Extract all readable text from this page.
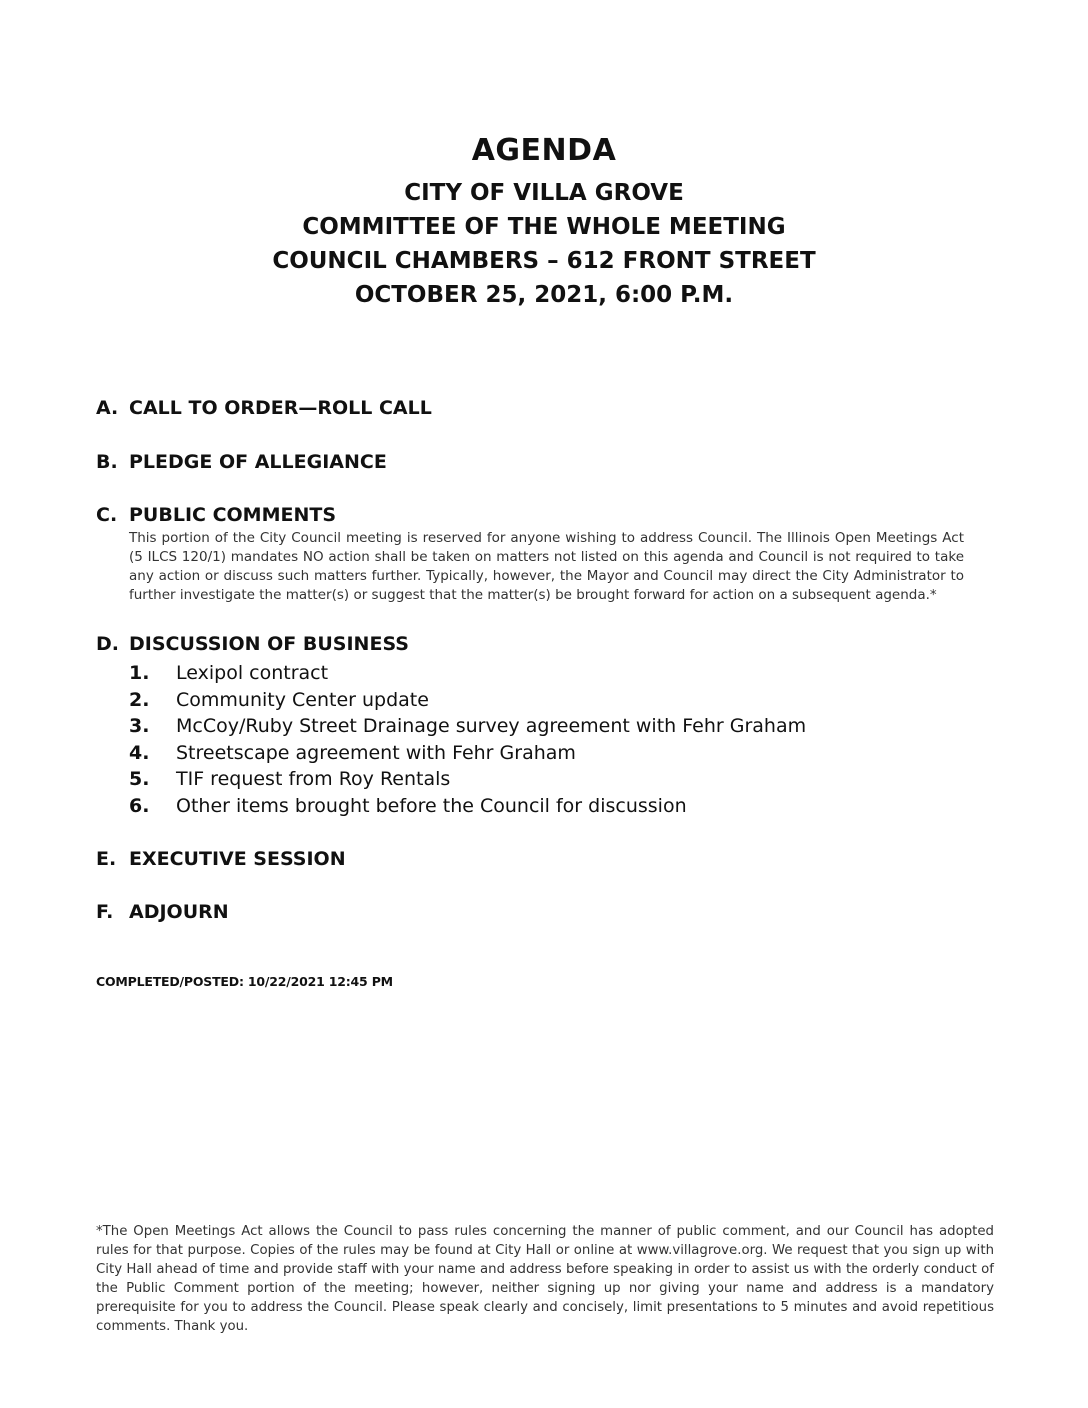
AGENDA
CITY OF VILLA GROVE
COMMITTEE OF THE WHOLE MEETING
COUNCIL CHAMBERS – 612 FRONT STREET
OCTOBER 25, 2021, 6:00 P.M.
A. CALL TO ORDER—ROLL CALL
B. PLEDGE OF ALLEGIANCE
C. PUBLIC COMMENTS
This portion of the City Council meeting is reserved for anyone wishing to address Council. The Illinois Open Meetings Act (5 ILCS 120/1) mandates NO action shall be taken on matters not listed on this agenda and Council is not required to take any action or discuss such matters further. Typically, however, the Mayor and Council may direct the City Administrator to further investigate the matter(s) or suggest that the matter(s) be brought forward for action on a subsequent agenda.*
D. DISCUSSION OF BUSINESS
1.	Lexipol contract
2.	Community Center update
3.	McCoy/Ruby Street Drainage survey agreement with Fehr Graham
4.	Streetscape agreement with Fehr Graham
5.	TIF request from Roy Rentals
6.	Other items brought before the Council for discussion
E. EXECUTIVE SESSION
F. ADJOURN
COMPLETED/POSTED: 10/22/2021 12:45 PM
*The Open Meetings Act allows the Council to pass rules concerning the manner of public comment, and our Council has adopted rules for that purpose. Copies of the rules may be found at City Hall or online at www.villagrove.org. We request that you sign up with City Hall ahead of time and provide staff with your name and address before speaking in order to assist us with the orderly conduct of the Public Comment portion of the meeting; however, neither signing up nor giving your name and address is a mandatory prerequisite for you to address the Council. Please speak clearly and concisely, limit presentations to 5 minutes and avoid repetitious comments. Thank you.
